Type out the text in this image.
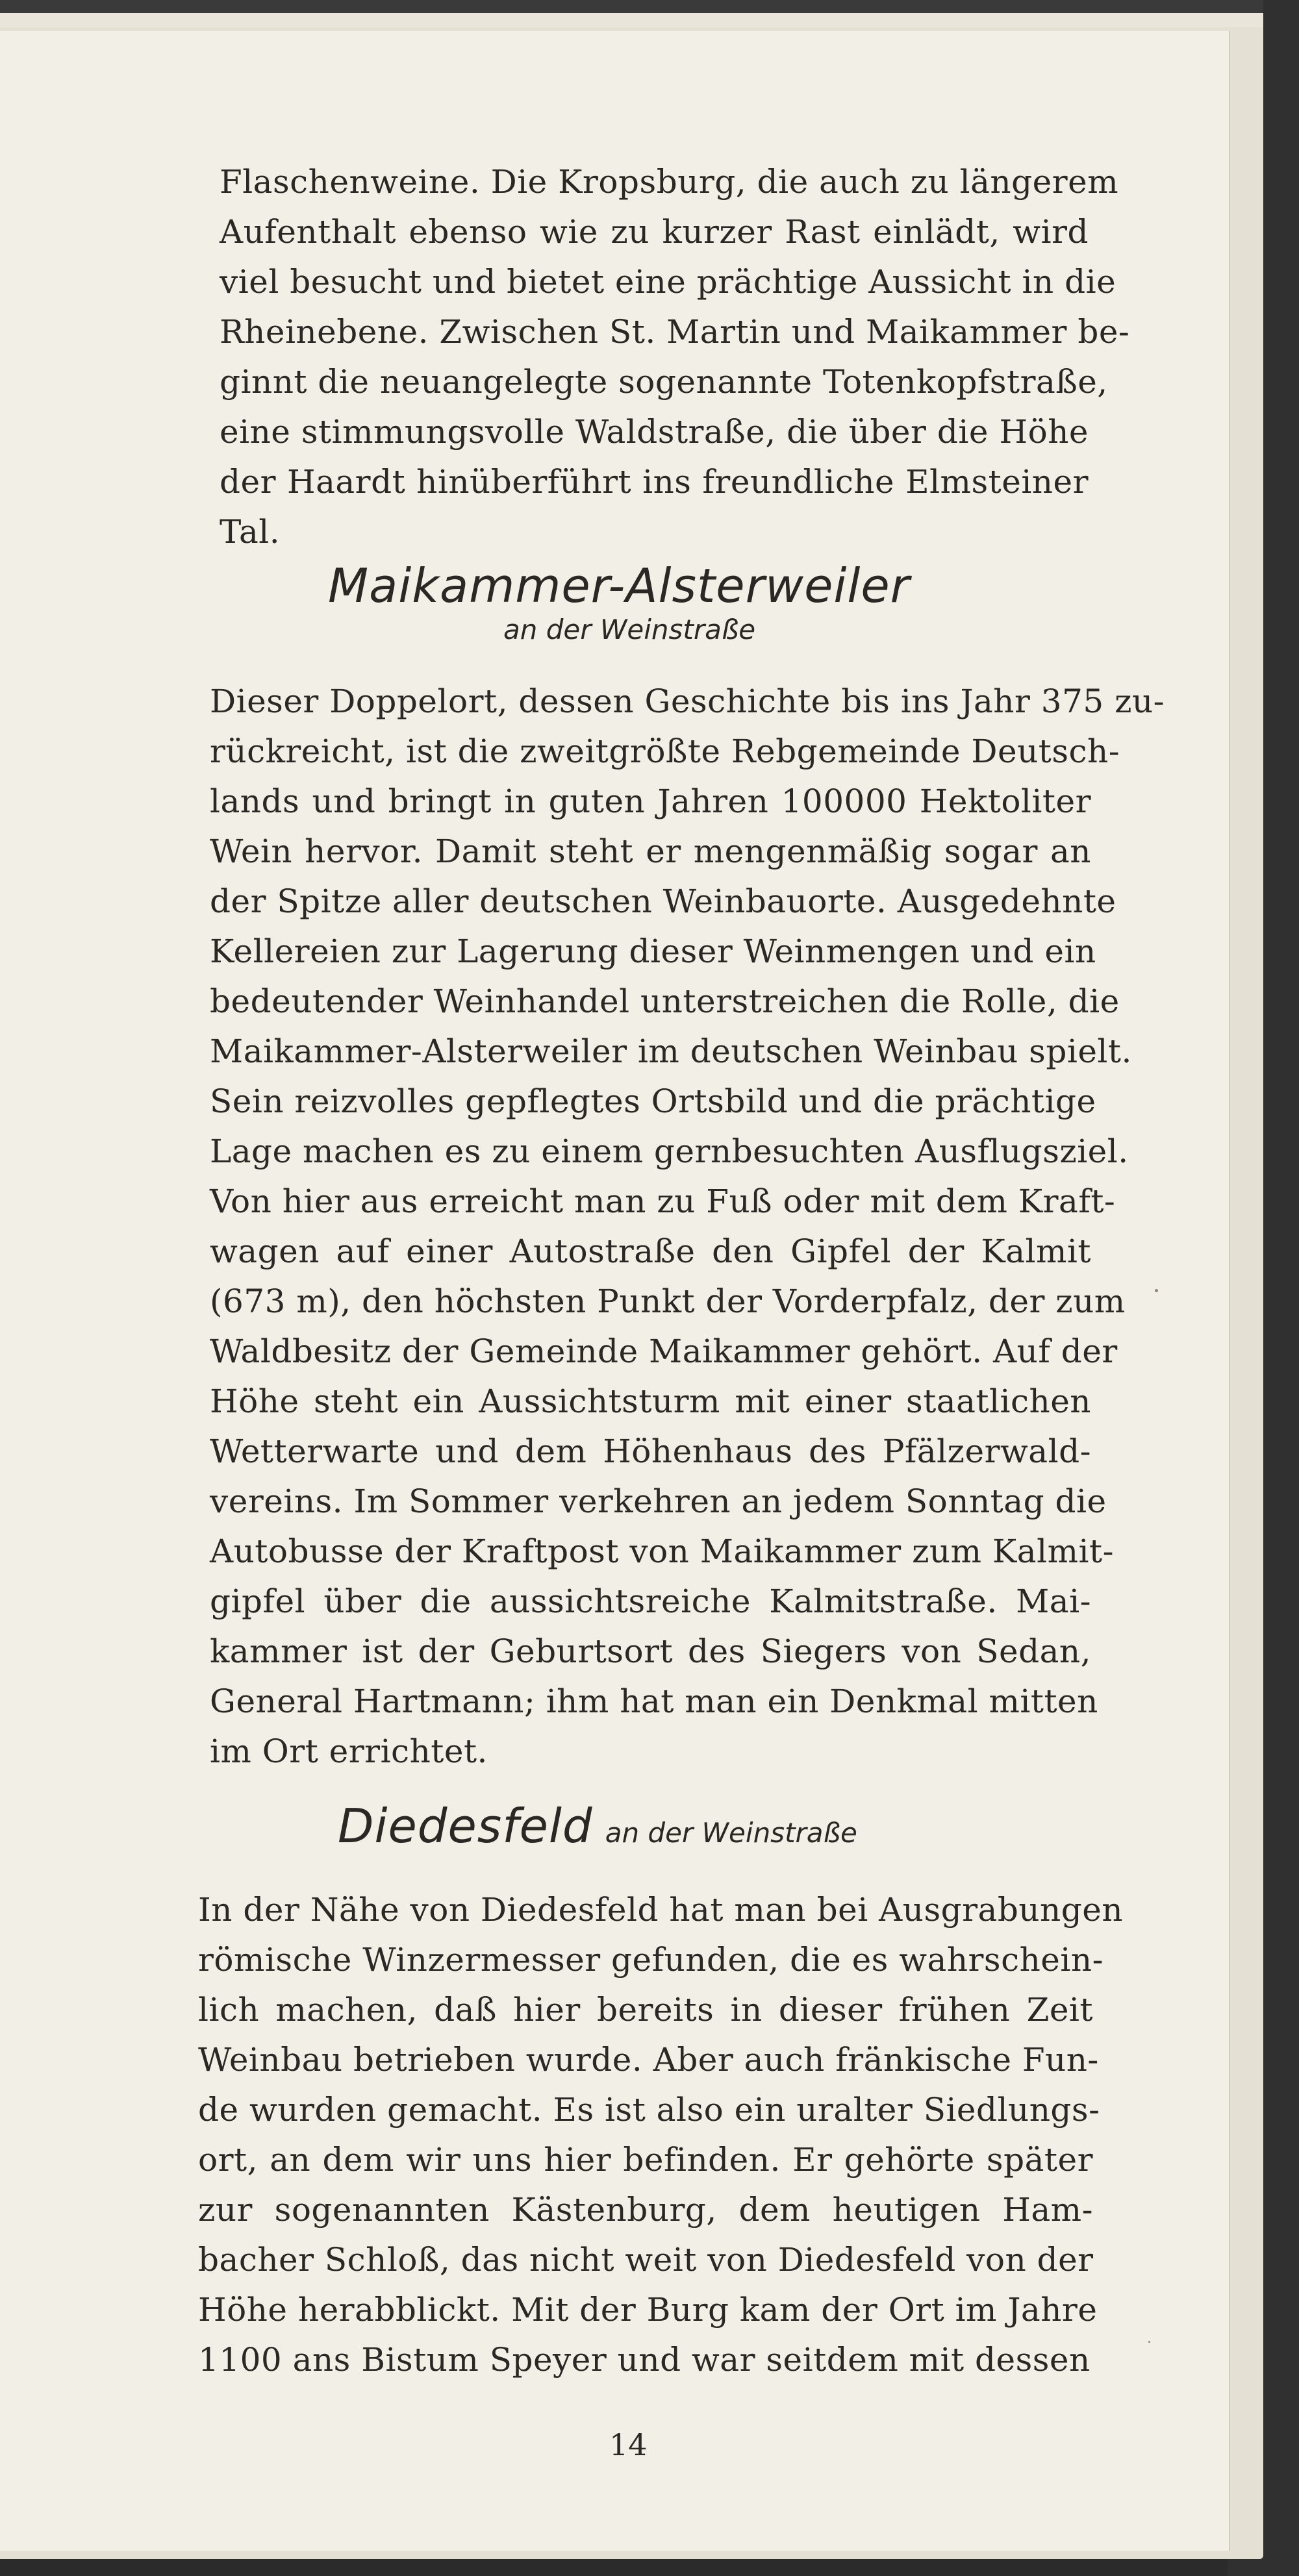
Flaschenweine. Die Kropsburg, die auch zu längerem
Aufenthalt ebenso wie zu kurzer Rast einlädt, wird
viel besucht und bietet eine prächtige Aussicht in die
Rheinebene. Zwischen St. Martin und Maikammer be-
ginnt die neuangelegte sogenannte Totenkopfstraße,
eine stimmungsvolle Waldstraße, die über die Höhe
der Haardt hinüberführt ins freundliche Elmsteiner
Tal.
Maikammer-Alsterweiler
an der Weinstraße
Dieser Doppelort, dessen Geschichte bis ins Jahr 375 zu-
rückreicht, ist die zweitgrößte Rebgemeinde Deutsch-
lands und bringt in guten Jahren 100000 Hektoliter
Wein hervor. Damit steht er mengenmäßig sogar an
der Spitze aller deutschen Weinbauorte. Ausgedehnte
Kellereien zur Lagerung dieser Weinmengen und ein
bedeutender Weinhandel unterstreichen die Rolle, die
Maikammer-Alsterweiler im deutschen Weinbau spielt.
Sein reizvolles gepflegtes Ortsbild und die prächtige
Lage machen es zu einem gernbesuchten Ausflugsziel.
Von hier aus erreicht man zu Fuß oder mit dem Kraft-
wagen auf einer Autostraße den Gipfel der Kalmit
(673 m), den höchsten Punkt der Vorderpfalz, der zum
Waldbesitz der Gemeinde Maikammer gehört. Auf der
Höhe steht ein Aussichtsturm mit einer staatlichen
Wetterwarte und dem Höhenhaus des Pfälzerwald-
vereins. Im Sommer verkehren an jedem Sonntag die
Autobusse der Kraftpost von Maikammer zum Kalmit-
gipfel über die aussichtsreiche Kalmitstraße. Mai-
kammer ist der Geburtsort des Siegers von Sedan,
General Hartmann; ihm hat man ein Denkmal mitten
im Ort errichtet.
Diedesfeld an der Weinstraße
In der Nähe von Diedesfeld hat man bei Ausgrabungen
römische Winzermesser gefunden, die es wahrschein-
lich machen, daß hier bereits in dieser frühen Zeit
Weinbau betrieben wurde. Aber auch fränkische Fun-
de wurden gemacht. Es ist also ein uralter Siedlungs-
ort, an dem wir uns hier befinden. Er gehörte später
zur sogenannten Kästenburg, dem heutigen Ham-
bacher Schloß, das nicht weit von Diedesfeld von der
Höhe herabblickt. Mit der Burg kam der Ort im Jahre
1100 ans Bistum Speyer und war seitdem mit dessen
14
